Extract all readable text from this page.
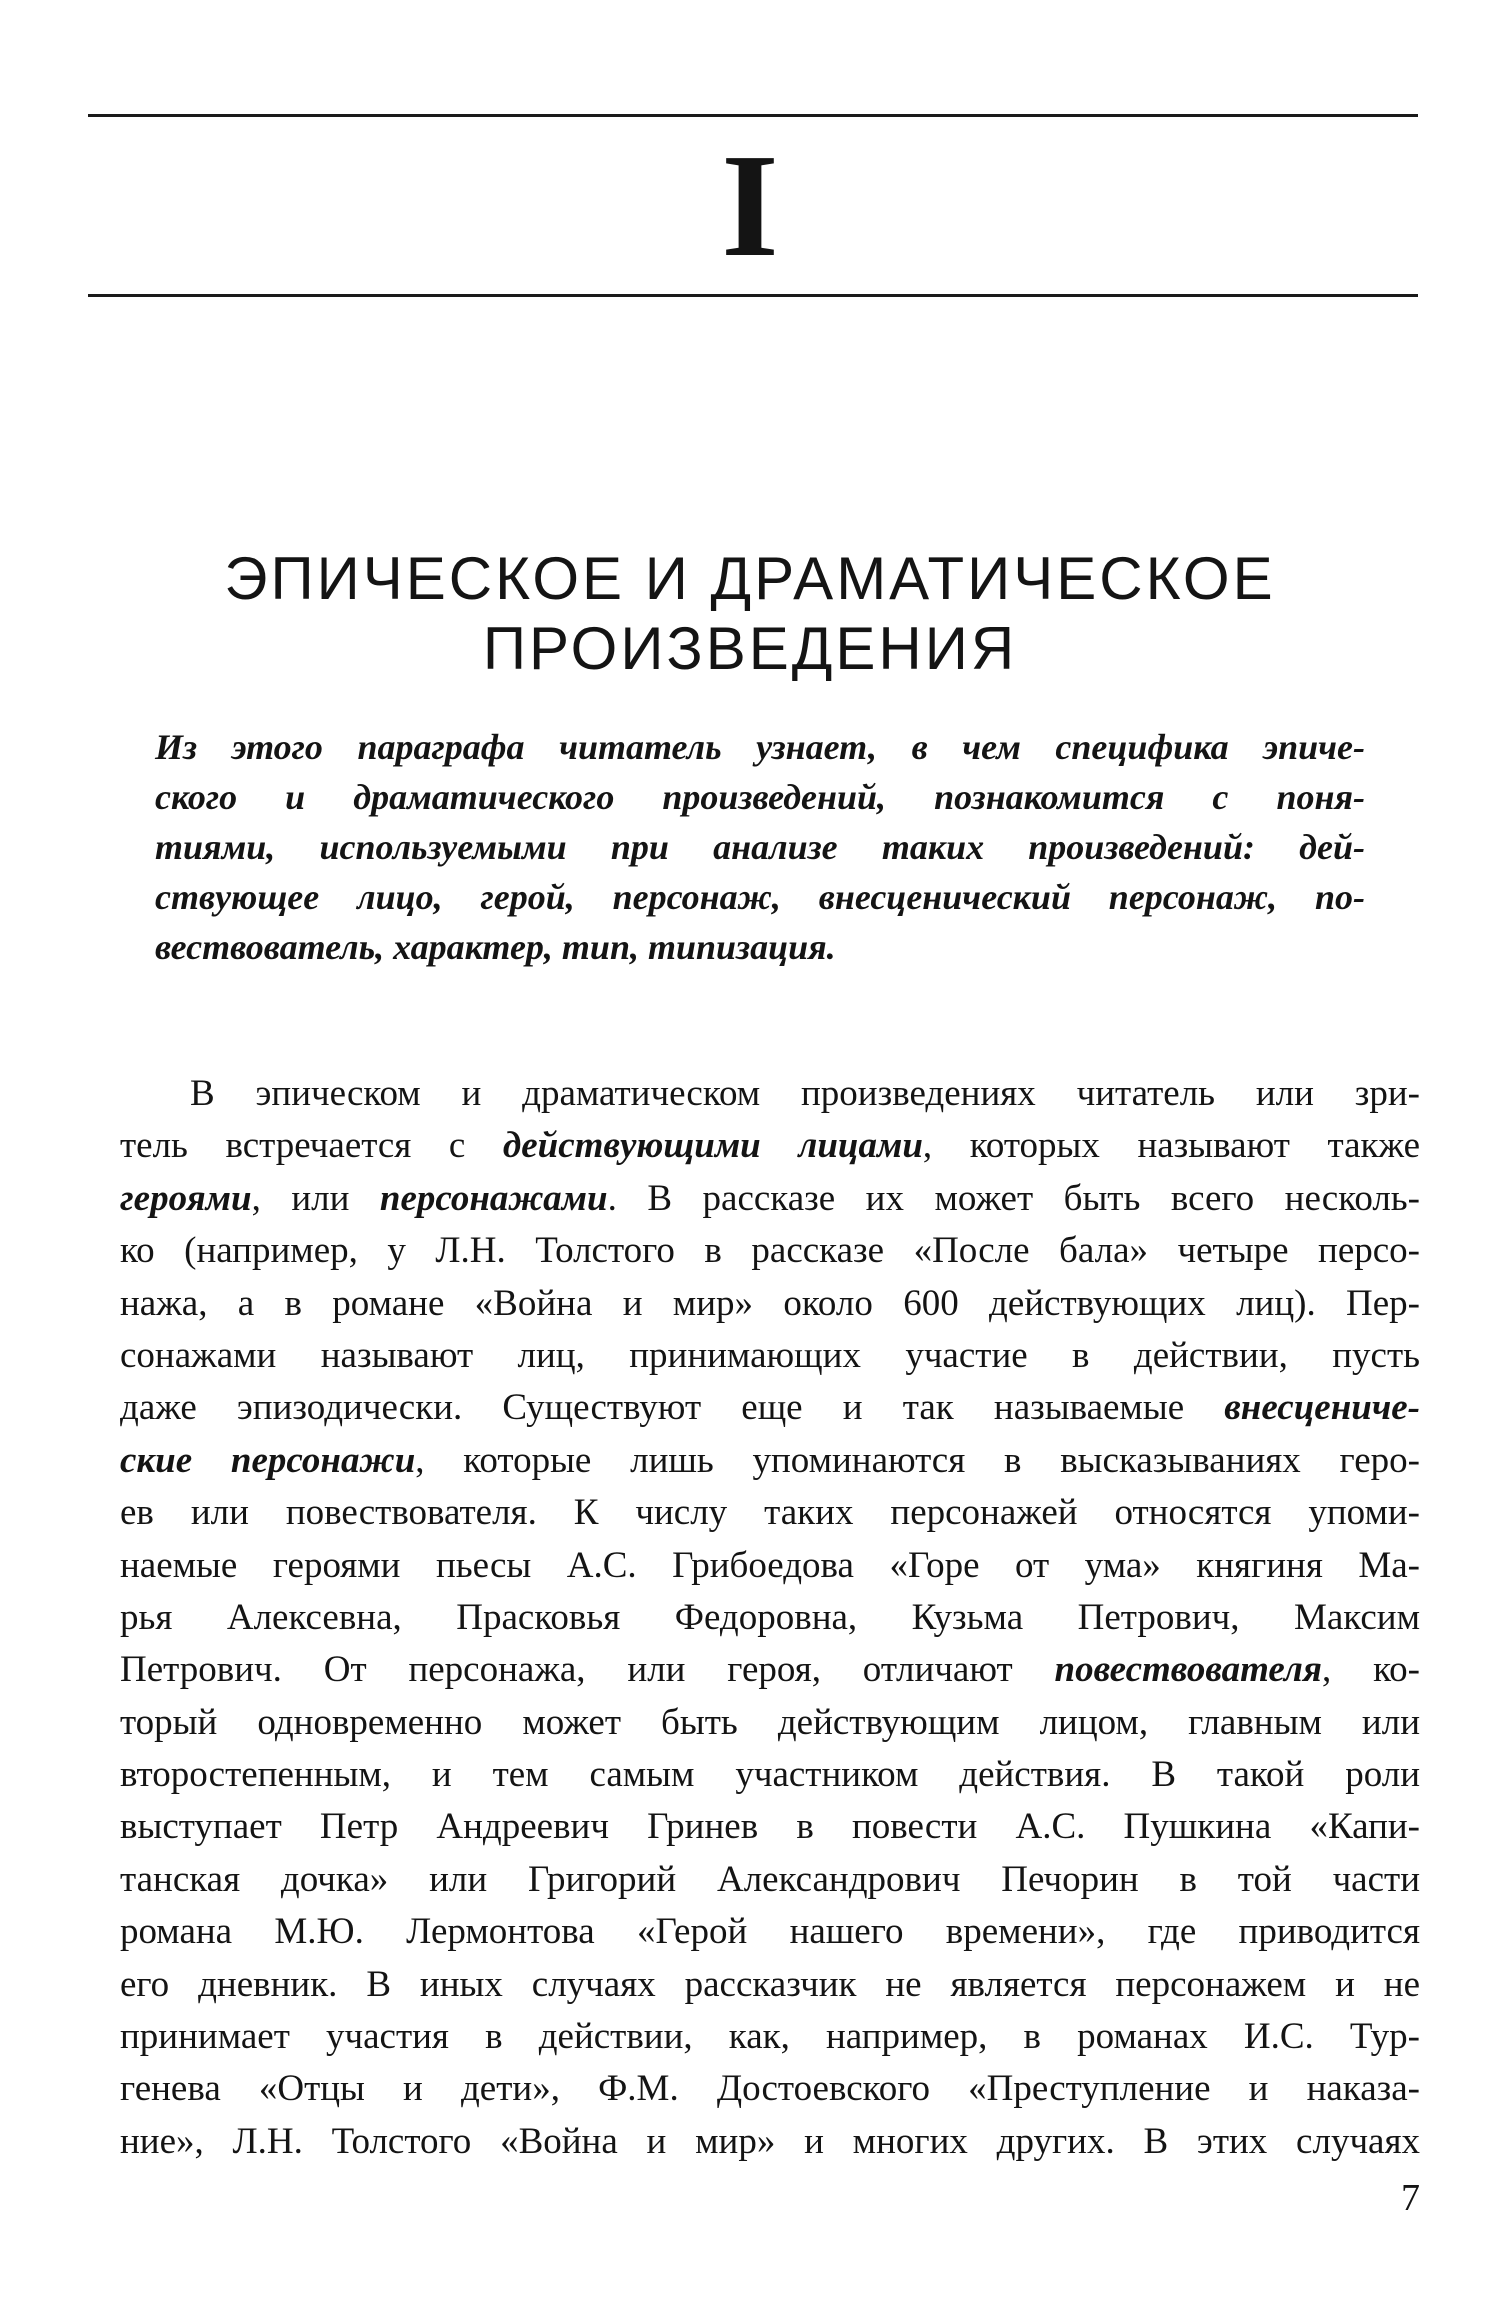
I
ЭПИЧЕСКОЕ И ДРАМАТИЧЕСКОЕ
ПРОИЗВЕДЕНИЯ
Из этого параграфа читатель узнает, в чем специфика эпиче-
ского и драматического произведений, познакомится с поня-
тиями, используемыми при анализе таких произведений: дей-
ствующее лицо, герой, персонаж, внесценический персонаж, по-
вествователь, характер, тип, типизация.
В эпическом и драматическом произведениях читатель или зри-
тель встречается с действующими лицами, которых называют также
героями, или персонажами. В рассказе их может быть всего несколь-
ко (например, у Л.Н. Толстого в рассказе «После бала» четыре персо-
нажа, а в романе «Война и мир» около 600 действующих лиц). Пер-
сонажами называют лиц, принимающих участие в действии, пусть
даже эпизодически. Существуют еще и так называемые внесцениче-
ские персонажи, которые лишь упоминаются в высказываниях геро-
ев или повествователя. К числу таких персонажей относятся упоми-
наемые героями пьесы А.С. Грибоедова «Горе от ума» княгиня Ма-
рья Алексевна, Прасковья Федоровна, Кузьма Петрович, Максим
Петрович. От персонажа, или героя, отличают повествователя, ко-
торый одновременно может быть действующим лицом, главным или
второстепенным, и тем самым участником действия. В такой роли
выступает Петр Андреевич Гринев в повести А.С. Пушкина «Капи-
танская дочка» или Григорий Александрович Печорин в той части
романа М.Ю. Лермонтова «Герой нашего времени», где приводится
его дневник. В иных случаях рассказчик не является персонажем и не
принимает участия в действии, как, например, в романах И.С. Тур-
генева «Отцы и дети», Ф.М. Достоевского «Преступление и наказа-
ние», Л.Н. Толстого «Война и мир» и многих других. В этих случаях
7
